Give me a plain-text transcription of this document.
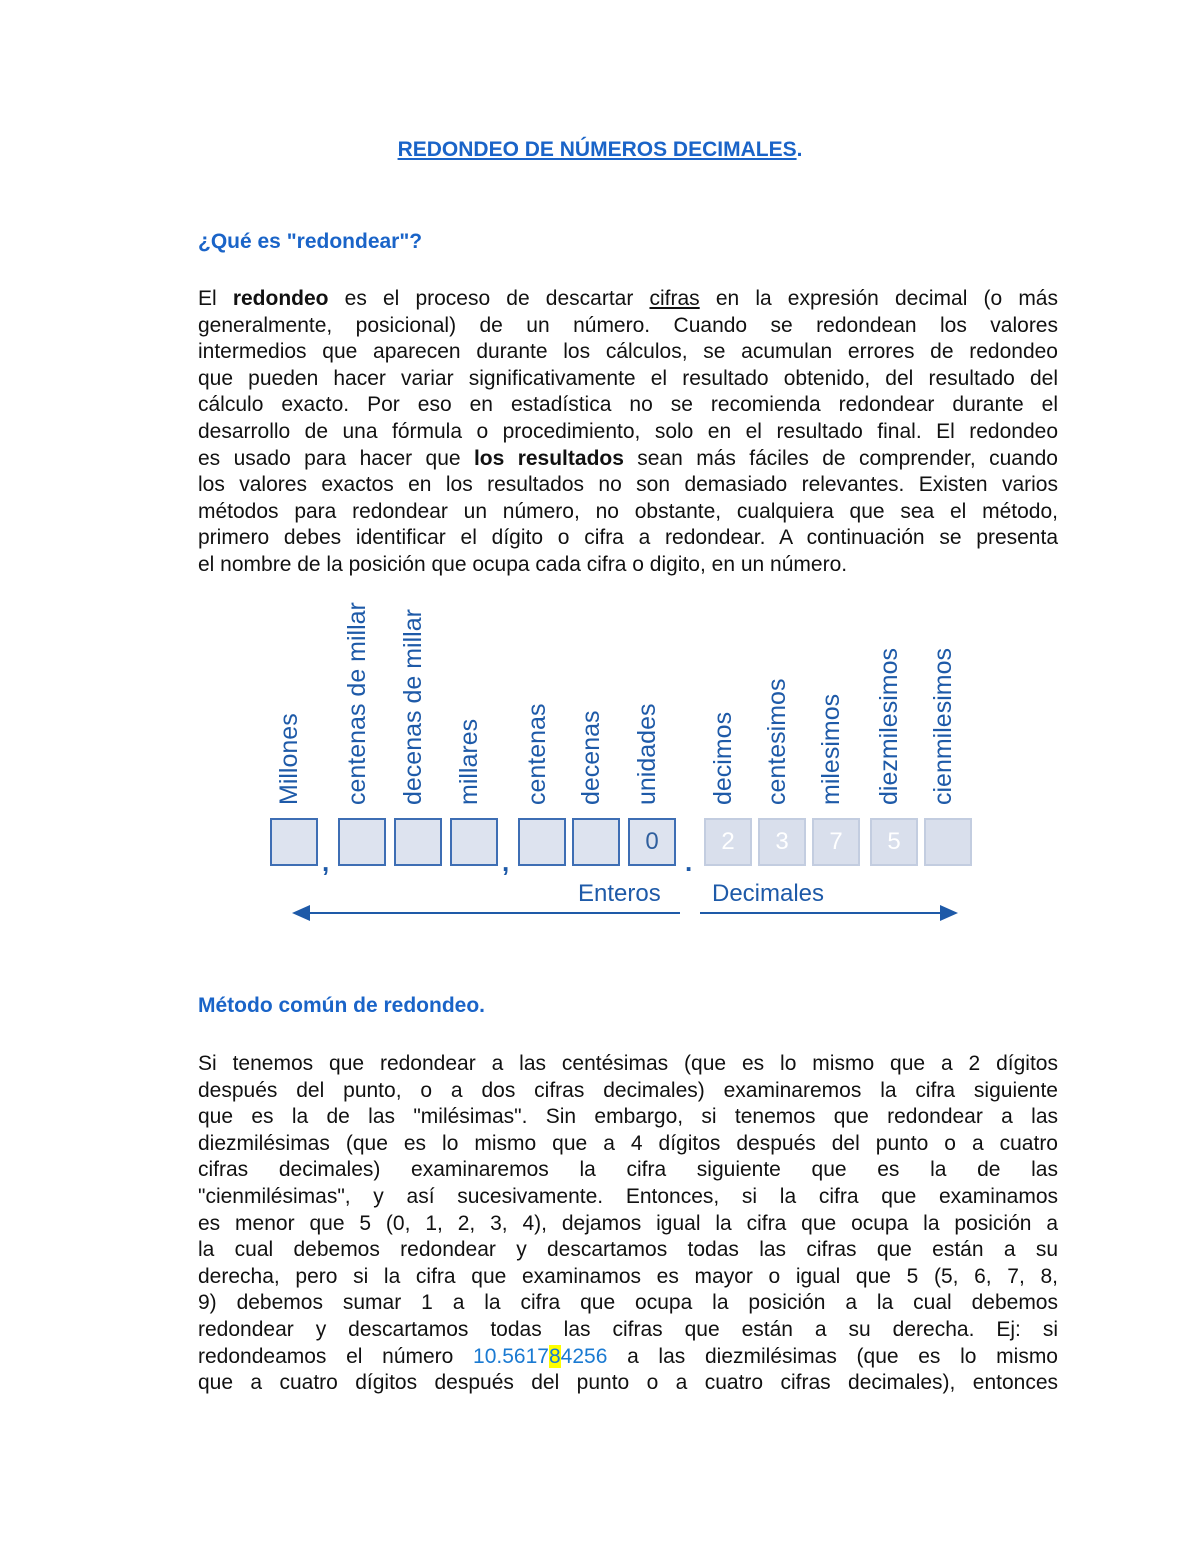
REDONDEO DE NÚMEROS DECIMALES.
¿Qué es "redondear"?
El redondeo es el proceso de descartar cifras en la expresión decimal (o más
generalmente, posicional) de un número. Cuando se redondean los valores
intermedios que aparecen durante los cálculos, se acumulan errores de redondeo
que pueden hacer variar significativamente el resultado obtenido, del resultado del
cálculo exacto. Por eso en estadística no se recomienda redondear durante el
desarrollo de una fórmula o procedimiento, solo en el resultado final. El redondeo
es usado para hacer que los resultados sean más fáciles de comprender, cuando
los valores exactos en los resultados no son demasiado relevantes. Existen varios
métodos para redondear un número, no obstante, cualquiera que sea el método,
primero debes identificar el dígito o cifra a redondear. A continuación se presenta
el nombre de la posición que ocupa cada cifra o digito, en un número.
Millones centenas de millar decenas de millar millares centenas decenas unidades
0
decimos
2
centesimos
3
milesimos
7
diezmilesimos
5
cienmilesimos
,	,	.
Enteros Decimales
Método común de redondeo.
Si tenemos que redondear a las centésimas (que es lo mismo que a 2 dígitos
después del punto, o a dos cifras decimales) examinaremos la cifra siguiente
que es la de las "milésimas". Sin embargo, si tenemos que redondear a las
diezmilésimas (que es lo mismo que a 4 dígitos después del punto o a cuatro
cifras decimales) examinaremos la cifra siguiente que es la de las
"cienmilésimas", y así sucesivamente. Entonces, si la cifra que examinamos
es menor que 5 (0, 1, 2, 3, 4), dejamos igual la cifra que ocupa la posición a
la cual debemos redondear y descartamos todas las cifras que están a su
derecha, pero si la cifra que examinamos es mayor o igual que 5 (5, 6, 7, 8,
9) debemos sumar 1 a la cifra que ocupa la posición a la cual debemos
redondear y descartamos todas las cifras que están a su derecha. Ej: si
redondeamos el número 10.561784256 a las diezmilésimas (que es lo mismo
que a cuatro dígitos después del punto o a cuatro cifras decimales), entonces
